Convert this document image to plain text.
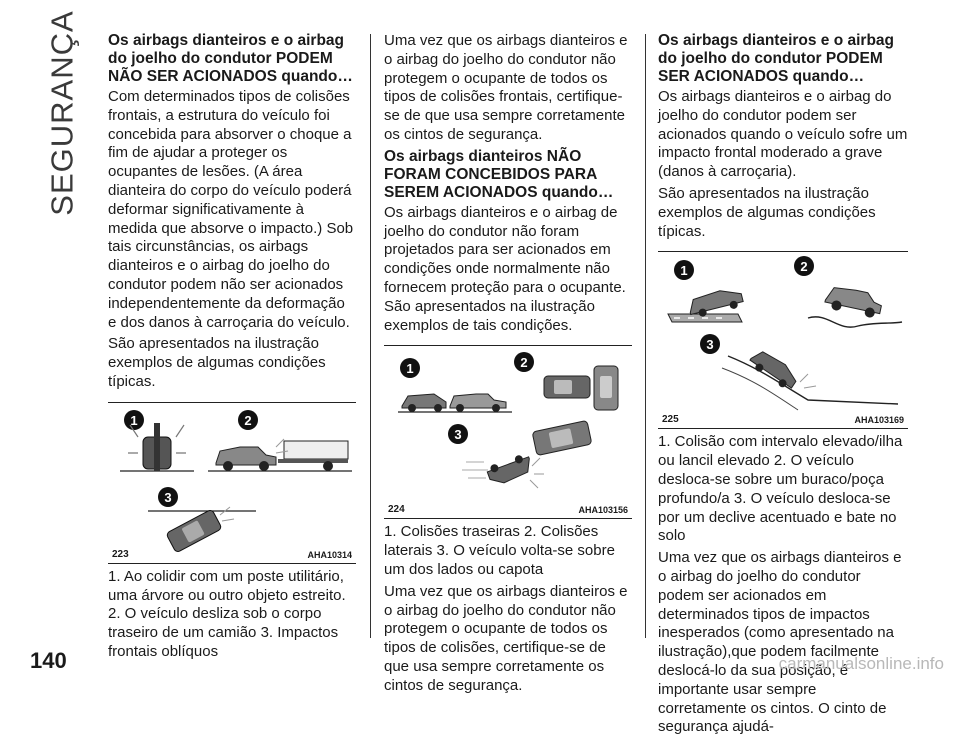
SEGURANÇA Os airbags dianteiros e o airbag do joelho do condutor PODEM NÃO SER ACIONADOS quando…

Com determinados tipos de colisões frontais, a estrutura do veículo foi concebida para absorver o choque a fim de ajudar a proteger os ocupantes de lesões. (A área dianteira do corpo do veículo poderá deformar significativamente à medida que absorve o impacto.) Sob tais circunstâncias, os airbags dianteiros e o airbag do joelho do condutor podem não ser acionados independentemente da deformação e dos danos à carroçaria do veículo.

São apresentados na ilustração exemplos de algumas condições típicas.

1	2
3
223	AHA10314

1. Ao colidir com um poste utilitário, uma árvore ou outro objeto estreito. 2. O veículo desliza sob o corpo traseiro de um camião 3. Impactos frontais oblíquos

Uma vez que os airbags dianteiros e o airbag do joelho do condutor não protegem o ocupante de todos os tipos de colisões frontais, certifique-se de que usa sempre corretamente os cintos de segurança.

Os airbags dianteiros NÃO FORAM CONCEBIDOS PARA SEREM ACIONADOS quando…

Os airbags dianteiros e o airbag de joelho do condutor não foram projetados para ser acionados em condições onde normalmente não fornecem proteção para o ocupante. São apresentados na ilustração exemplos de tais condições.

1	2
3
224	AHA103156

1. Colisões traseiras 2. Colisões laterais 3. O veículo volta-se sobre um dos lados ou capota

Uma vez que os airbags dianteiros e o airbag do joelho do condutor não protegem o ocupante de todos os tipos de colisões, certifique-se de que usa sempre corretamente os cintos de segurança.

Os airbags dianteiros e o airbag do joelho do condutor PODEM SER ACIONADOS quando…

Os airbags dianteiros e o airbag do joelho do condutor podem ser acionados quando o veículo sofre um impacto frontal moderado a grave (danos à carroçaria).

São apresentados na ilustração exemplos de algumas condições típicas.

1	2
3
225	AHA103169

1. Colisão com intervalo elevado/ilha ou lancil elevado 2. O veículo desloca-se sobre um buraco/poça profundo/a 3. O veículo desloca-se por um declive acentuado e bate no solo

Uma vez que os airbags dianteiros e o airbag do joelho do condutor podem ser acionados em determinados tipos de impactos inesperados (como apresentado na ilustração),que podem facilmente deslocá-lo da sua posição, é importante usar sempre corretamente os cintos. O cinto de segurança ajudá-

140	carmanualsonline.info
